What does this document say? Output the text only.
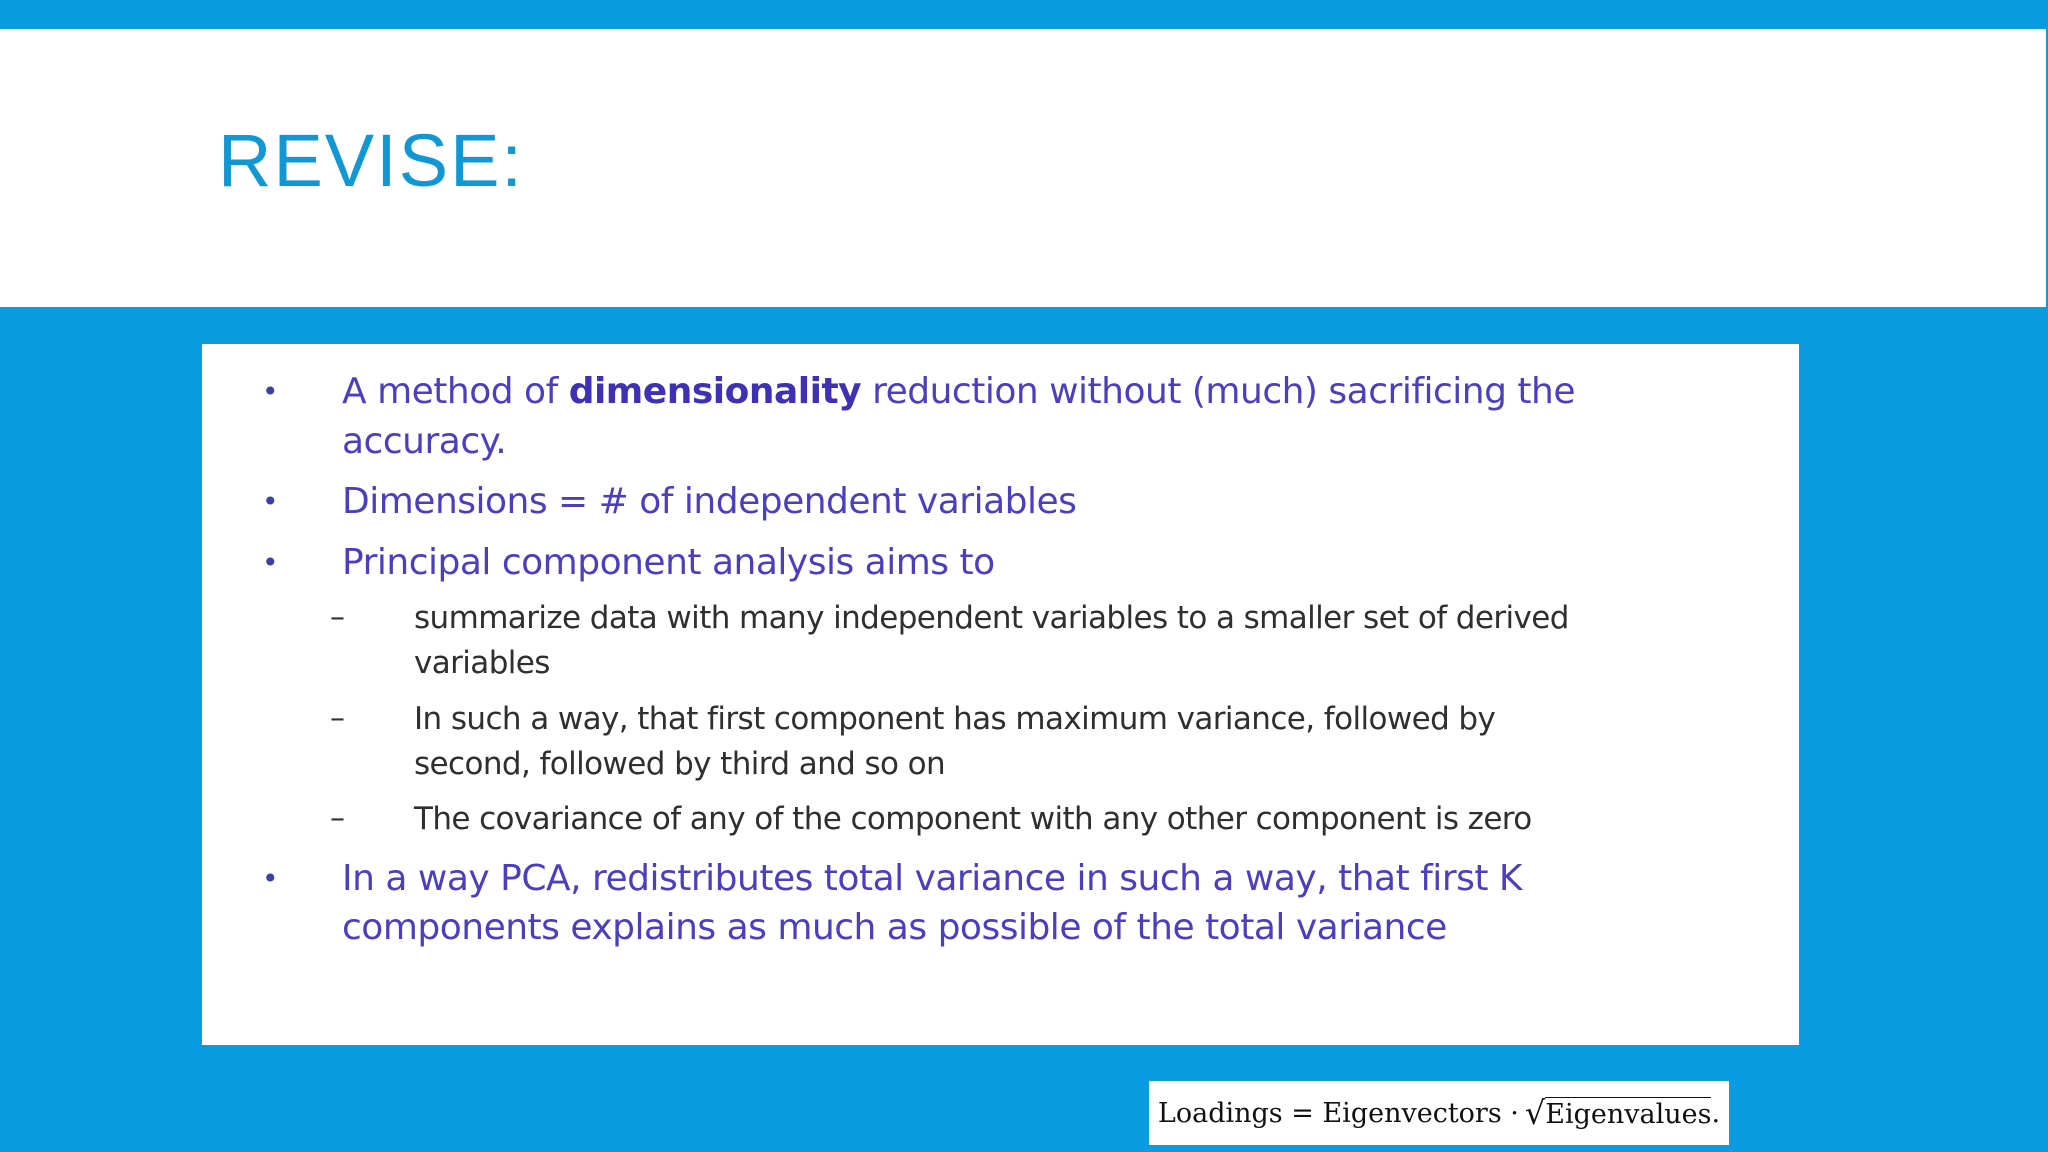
REVISE:
• A method of dimensionality reduction without (much) sacrificing the
accuracy.
• Dimensions = # of independent variables
• Principal component analysis aims to
– summarize data with many independent variables to a smaller set of derived
variables
– In such a way, that first component has maximum variance, followed by
second, followed by third and so on
– The covariance of any of the component with any other component is zero
• In a way PCA, redistributes total variance in such a way, that first K
components explains as much as possible of the total variance
Loadings
=
Eigenvectors
· √ Eigenvalues .
